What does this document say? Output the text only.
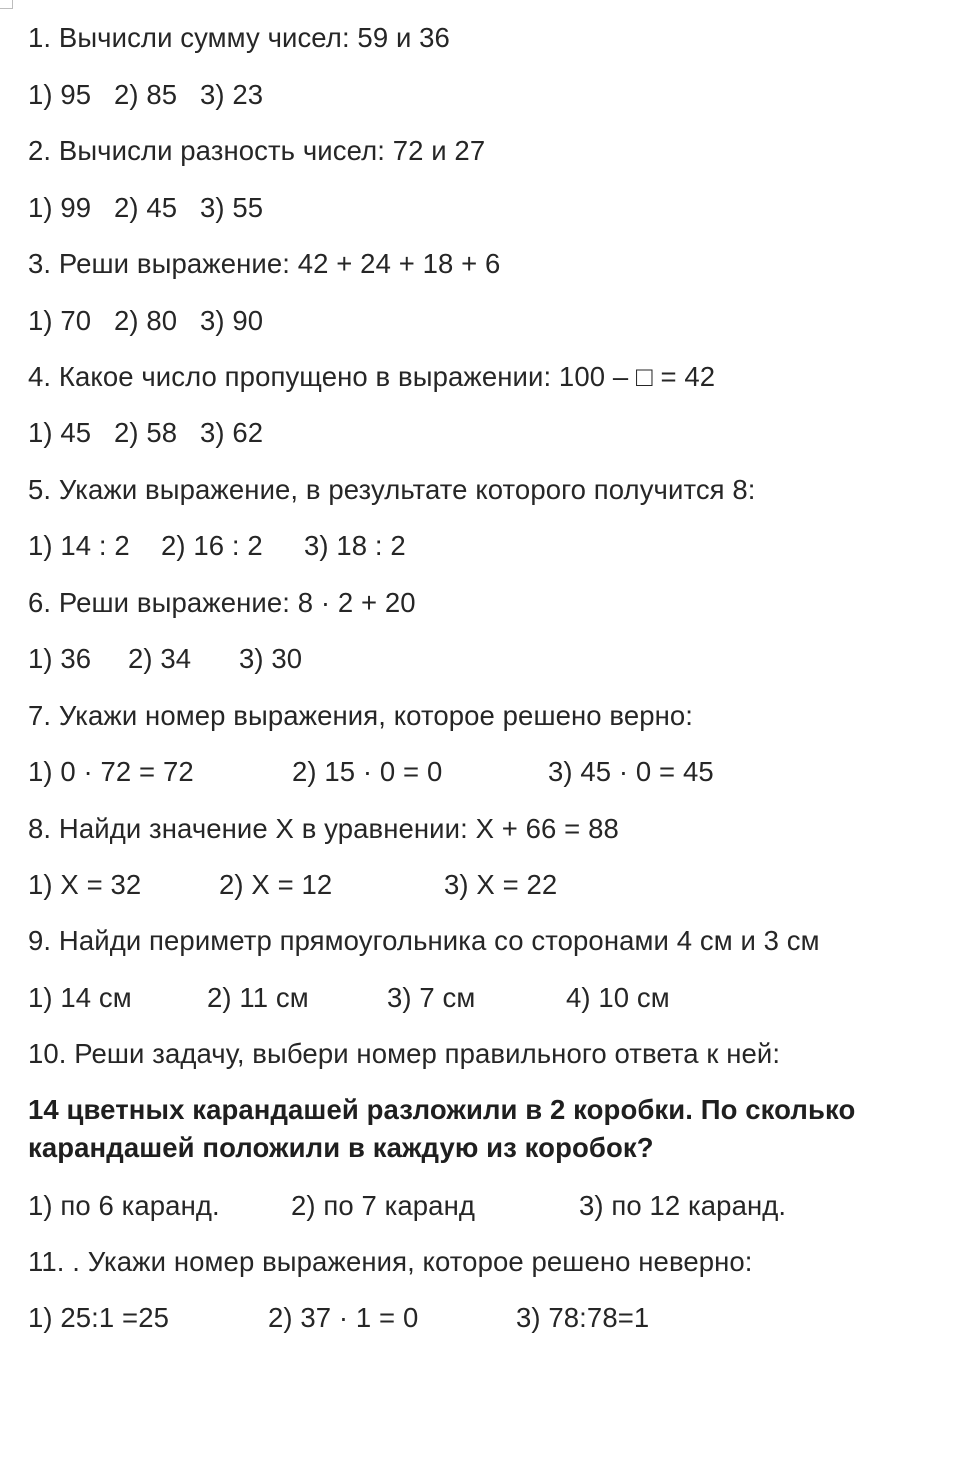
1. Вычисли сумму чисел: 59 и 36

1) 95

2) 85

3) 23

2. Вычисли разность чисел: 72 и 27

1) 99

2) 45

3) 55

3. Реши выражение: 42 + 24 + 18 + 6

1) 70

2) 80

3) 90

4. Какое число пропущено в выражении: 100 – □ = 42

1) 45

2) 58

3) 62

5. Укажи выражение, в результате которого получится 8:

1) 14 : 2

2) 16 : 2

3) 18 : 2

6. Реши выражение: 8 · 2 + 20

1) 36

2) 34

3) 30

7. Укажи номер выражения, которое решено верно:

1) 0 · 72 = 72

	2) 15 · 0 = 0

	3) 45 · 0 = 45

8. Найди значение Х в уравнении: Х + 66 = 88

1) Х = 32

	2) Х = 12

	3) Х = 22

9. Найди периметр прямоугольника со сторонами 4 см и 3 см

1) 14 см

	2) 11 см

	3) 7 см

	4) 10 см

10. Реши задачу, выбери номер правильного ответа к ней:
14 цветных карандашей разложили в 2 коробки. По сколько карандашей положили в каждую из коробок?

1) по 6 каранд.

	2) по 7 каранд

	3) по 12 каранд.

11. . Укажи номер выражения, которое решено неверно:

1) 25:1 =25

	2) 37 · 1 = 0

	3) 78:78=1
